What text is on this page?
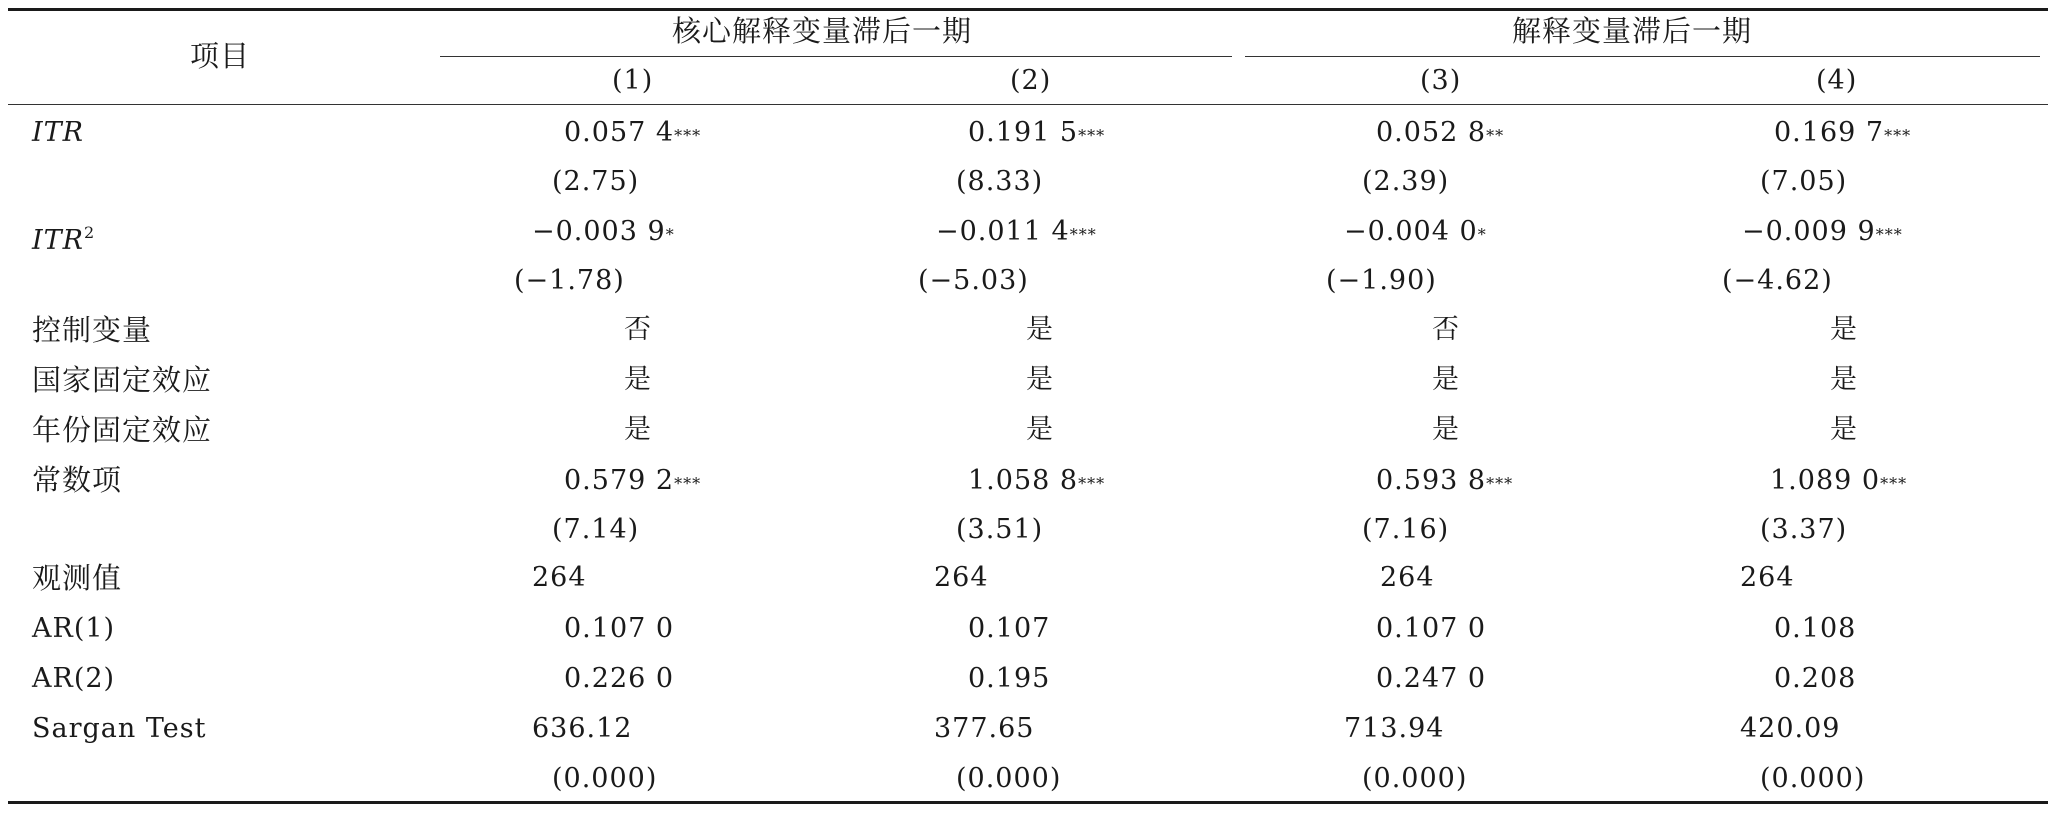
项目
核心解释变量滞后一期	解释变量滞后一期
(1)	(2)	(3)	(4)
ITR	0.057 4 ***	0.191 5 ***	0.052 8 **	0.169 7 ***
(2.75)	(8.33)	(2.39)	(7.05)
$ITR^2$	−0.003 9 *	−0.011 4 ***	−0.004 0 *	−0.009 9 ***
(−1.78)	(−5.03)	(−1.90)	(−4.62)
控制变量	否	是	否	是
国家固定效应	是	是	是	是
年份固定效应	是	是	是	是
常数项	0.579 2 ***	1.058 8 ***	0.593 8 ***	1.089 0 ***
(7.14)	(3.51)	(7.16)	(3.37)
观测值	264	264	264	264
AR(1)	0.107 0	0.107	0.107 0	0.108
AR(2)	0.226 0	0.195	0.247 0	0.208
Sargan Test	636.12	377.65	713.94	420.09
(0.000)	(0.000)	(0.000)	(0.000)
